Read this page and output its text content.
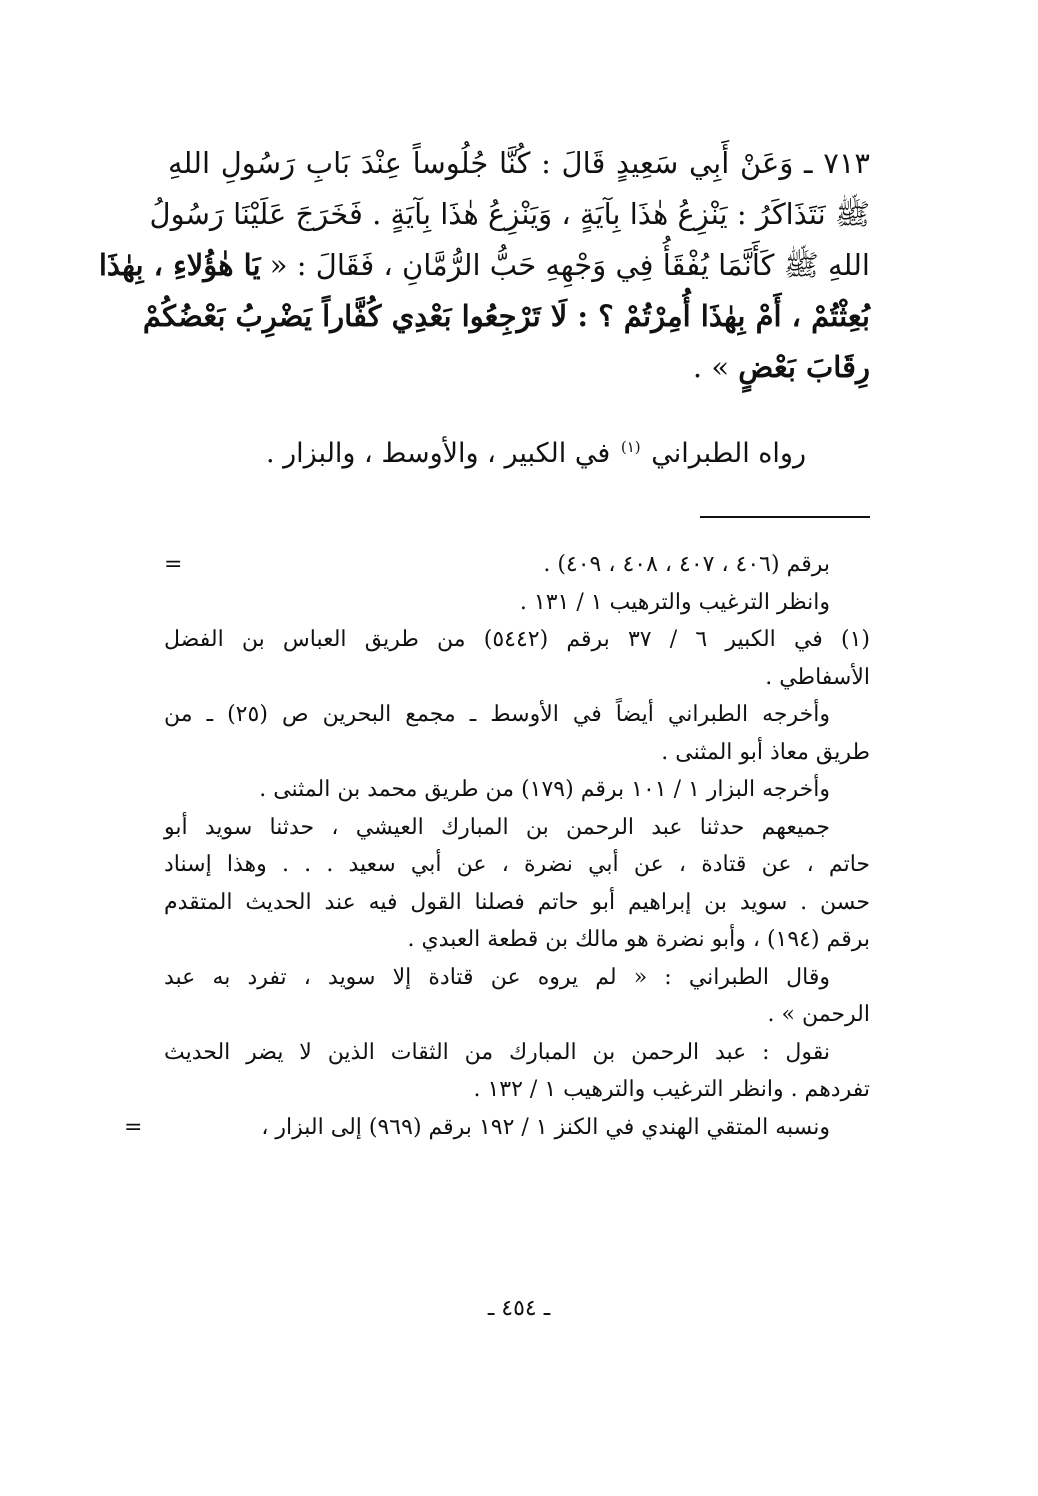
٧١٣ ـ وَعَنْ أَبِي سَعِيدٍ قَالَ : كُنَّا جُلُوساً عِنْدَ بَابِ رَسُولِ اللهِ
ﷺ نَتَذَاكَرُ : يَنْزِعُ هٰذَا بِآيَةٍ ، وَيَنْزِعُ هٰذَا بِآيَةٍ . فَخَرَجَ عَلَيْنَا رَسُولُ
اللهِ ﷺ كَأَنَّمَا يُفْقَأُ فِي وَجْهِهِ حَبُّ الرُّمَّانِ ، فَقَالَ : « يَا هٰؤُلاءِ ، بِهٰذَا
بُعِثْتُمْ ، أَمْ بِهٰذَا أُمِرْتُمْ ؟ : لَا تَرْجِعُوا بَعْدِي كُفَّاراً يَضْرِبُ بَعْضُكُمْ
رِقَابَ بَعْضٍ » .
رواه الطبراني $^{(١)}$ في الكبير ، والأوسط ، والبزار .
برقم (٤٠٦ ، ٤٠٧ ، ٤٠٨ ، ٤٠٩) .
=
وانظر الترغيب والترهيب ١ / ١٣١ .
(١) في الكبير ٦ / ٣٧ برقم (٥٤٤٢) من طريق العباس بن الفضل
الأسفاطي .
وأخرجه الطبراني أيضاً في الأوسط ـ مجمع البحرين ص (٢٥) ـ من
طريق معاذ أبو المثنى .
وأخرجه البزار ١ / ١٠١ برقم (١٧٩) من طريق محمد بن المثنى .
جميعهم حدثنا عبد الرحمن بن المبارك العيشي ، حدثنا سويد أبو
حاتم ، عن قتادة ، عن أبي نضرة ، عن أبي سعيد . . . وهذا إسناد
حسن . سويد بن إبراهيم أبو حاتم فصلنا القول فيه عند الحديث المتقدم
برقم (١٩٤) ، وأبو نضرة هو مالك بن قطعة العبدي .
وقال الطبراني : « لم يروه عن قتادة إلا سويد ، تفرد به عبد
الرحمن » .
نقول : عبد الرحمن بن المبارك من الثقات الذين لا يضر الحديث
تفردهم . وانظر الترغيب والترهيب ١ / ١٣٢ .
ونسبه المتقي الهندي في الكنز ١ / ١٩٢ برقم (٩٦٩) إلى البزار ،
=
ـ ٤٥٤ ـ
